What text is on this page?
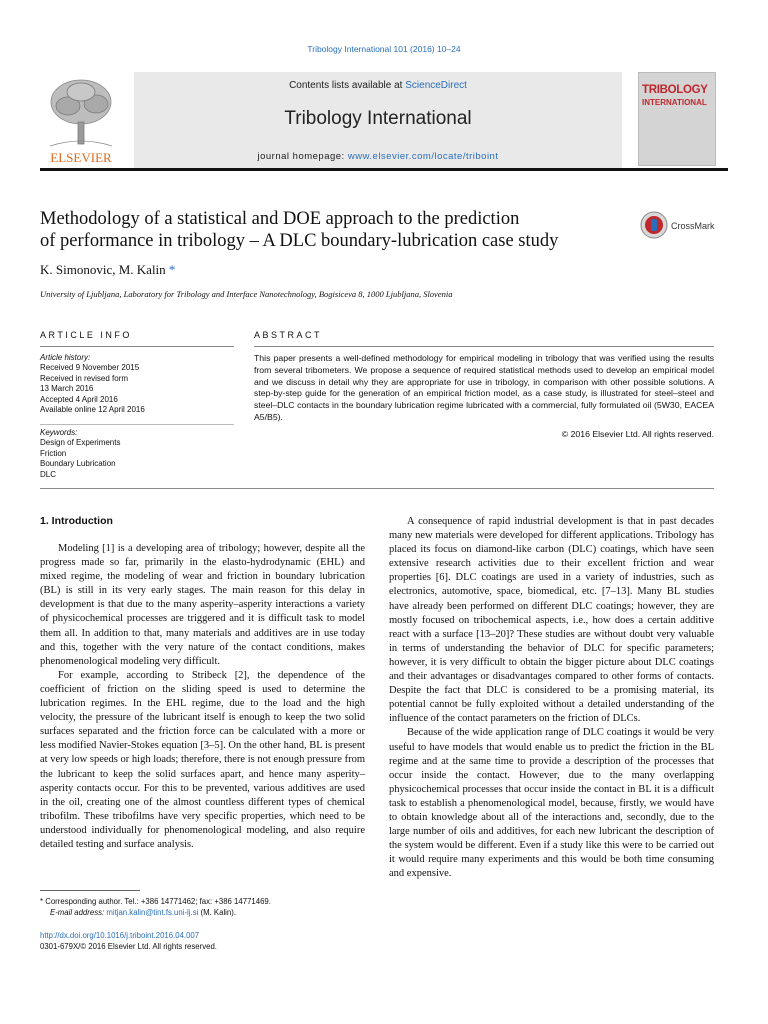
Tribology International 101 (2016) 10–24
ELSEVIER
Contents lists available at ScienceDirect
Tribology International
journal homepage: www.elsevier.com/locate/triboint
TRIBOLOGY
INTERNATIONAL
Methodology of a statistical and DOE approach to the prediction
of performance in tribology – A DLC boundary-lubrication case study
CrossMark
K. Simonovic, M. Kalin *
University of Ljubljana, Laboratory for Tribology and Interface Nanotechnology, Bogisiceva 8, 1000 Ljubljana, Slovenia
ARTICLE INFO	ABSTRACT
Article history:
Received 9 November 2015
Received in revised form
13 March 2016
Accepted 4 April 2016
Available online 12 April 2016
Keywords:
Design of Experiments
Friction
Boundary Lubrication
DLC
This paper presents a well-defined methodology for empirical modeling in tribology that was verified using the results from several tribometers. We propose a sequence of required statistical methods used to develop an empirical model and we discuss in detail why they are appropriate for use in tribology, in comparison with other possible solutions. A step-by-step guide for the generation of an empirical friction model, as a case study, is illustrated for steel–steel and steel–DLC contacts in the boundary lubrication regime lubricated with a commercial, fully formulated oil (5W30, EACEA A5/B5).
© 2016 Elsevier Ltd. All rights reserved.
1. Introduction

Modeling [1] is a developing area of tribology; however, despite all the progress made so far, primarily in the elasto-hydrodynamic (EHL) and mixed regime, the modeling of wear and friction in boundary lubrication (BL) is still in its very early stages. The main reason for this delay in development is that due to the many asperity–asperity interactions a variety of physicochemical processes are triggered and it is difficult task to model them all. In addition to that, many materials and additives are in use today and this, together with the very nature of the contact conditions, makes phenomenological modeling very difficult.

For example, according to Stribeck [2], the dependence of the coefficient of friction on the sliding speed is used to determine the lubrication regimes. In the EHL regime, due to the load and the high velocity, the pressure of the lubricant itself is enough to keep the two solid surfaces separated and the friction force can be calculated with a more or less modified Navier-Stokes equation [3–5]. On the other hand, BL is present at very low speeds or high loads; therefore, there is not enough pressure from the lubricant to keep the solid surfaces apart, and hence many asperity–asperity contacts occur. For this to be prevented, various additives are used in the oil, creating one of the almost countless different types of chemical tribofilm. These tribofilms have very specific properties, which need to be understood individually for phenomenological modeling, and also require detailed testing and surface analysis.

A consequence of rapid industrial development is that in past decades many new materials were developed for different applications. Tribology has placed its focus on diamond-like carbon (DLC) coatings, which have seen extensive research activities due to their excellent friction and wear properties [6]. DLC coatings are used in a variety of industries, such as electronics, automotive, space, biomedical, etc. [7–13]. Many BL studies have already been performed on different DLC coatings; however, they are mostly focused on tribochemical aspects, i.e., how does a certain additive react with a surface [13–20]? These studies are without doubt very valuable in terms of understanding the behavior of DLC for specific parameters; however, it is very difficult to obtain the bigger picture about DLC coatings and their advantages or disadvantages compared to other forms of contacts. Despite the fact that DLC is considered to be a promising material, its potential cannot be fully exploited without a detailed understanding of the influence of the contact parameters on the friction of DLCs.

Because of the wide application range of DLC coatings it would be very useful to have models that would enable us to predict the friction in the BL regime and at the same time to provide a description of the processes that occur inside the contact. However, due to the many overlapping physicochemical processes that occur inside the contact in BL it is a difficult task to establish a phenomenological model, because, firstly, we would have to obtain knowledge about all of the interactions and, secondly, due to the large number of oils and additives, for each new lubricant the description of the system would be different. Even if a study like this were to be carried out it would require many experiments and this would be both time consuming and expensive.

* Corresponding author. Tel.: +386 14771462; fax: +386 14771469.
E-mail address: mitjan.kalin@tint.fs.uni-lj.si (M. Kalin).
http://dx.doi.org/10.1016/j.triboint.2016.04.007
0301-679X/© 2016 Elsevier Ltd. All rights reserved.
